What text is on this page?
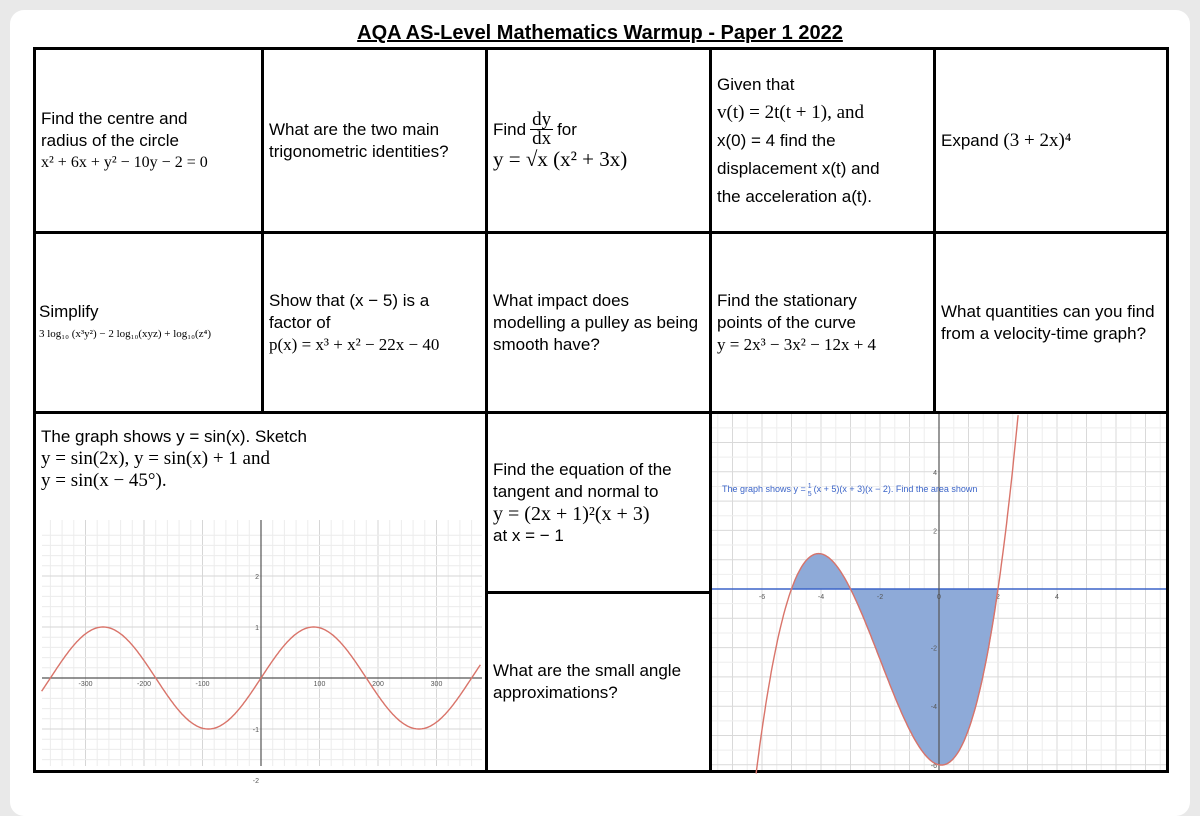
AQA AS-Level Mathematics Warmup - Paper 1 2022
Find the centre and
radius of the circle
x² + 6x + y² − 10y − 2 = 0
What are the two main trigonometric identities?
Find $\frac{dy}{dx}$ for
y = √x (x² + 3x)
Given that
v(t) = 2t(t + 1), and
x(0) = 4 find the
displacement x(t) and
the acceleration a(t).
Expand (3 + 2x)⁴
Simplify
3 log₁₀ (x³y²) − 2 log₁₀(xyz) + log₁₀(z⁴)
Show that (x − 5) is a
factor of
p(x) = x³ + x² − 22x − 40
What impact does modelling a pulley as being smooth have?
Find the stationary
points of the curve
y = 2x³ − 3x² − 12x + 4
What quantities can you find from a velocity-time graph?
The graph shows y = sin(x). Sketch
y = sin(2x), y = sin(x) + 1 and
y = sin(x − 45°).
-300	-200	-100	100	200	300
2
1
-1
-2
Find the equation of the
tangent and normal to
y = (2x + 1)²(x + 3)
at x = − 1
What are the small angle approximations?
-6	-4	-2	0	2	4
4
2
-2
-4
-6
The graph shows y = $^1$ 5(x + 5)(x + 3)(x − 2). Find the area shown
